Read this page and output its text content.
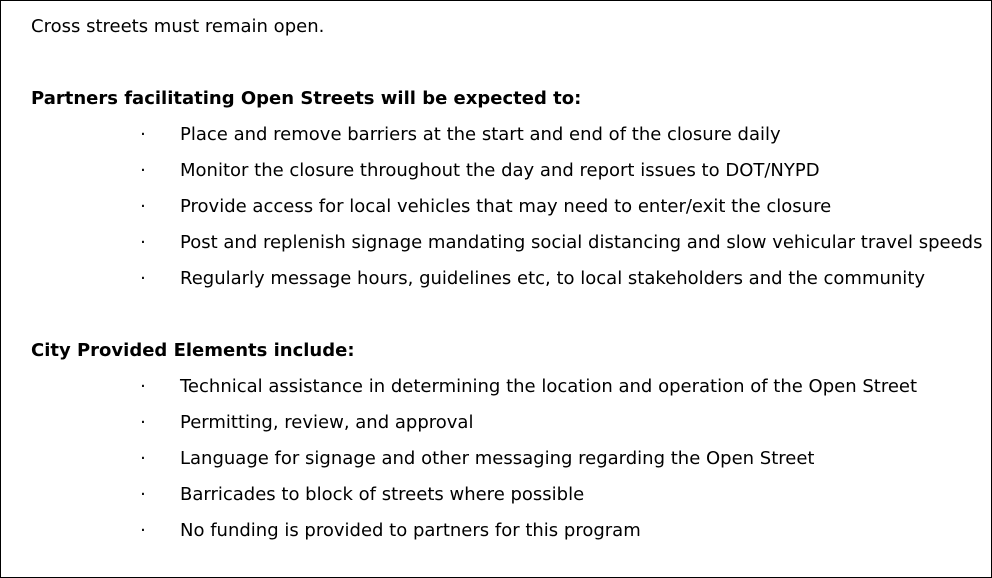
Cross streets must remain open.

Partners facilitating Open Streets will be expected to:

· Place and remove barriers at the start and end of the closure daily
· Monitor the closure throughout the day and report issues to DOT/NYPD
· Provide access for local vehicles that may need to enter/exit the closure
· Post and replenish signage mandating social distancing and slow vehicular travel speeds
· Regularly message hours, guidelines etc, to local stakeholders and the community

City Provided Elements include:

· Technical assistance in determining the location and operation of the Open Street
· Permitting, review, and approval
· Language for signage and other messaging regarding the Open Street
· Barricades to block of streets where possible
· No funding is provided to partners for this program
